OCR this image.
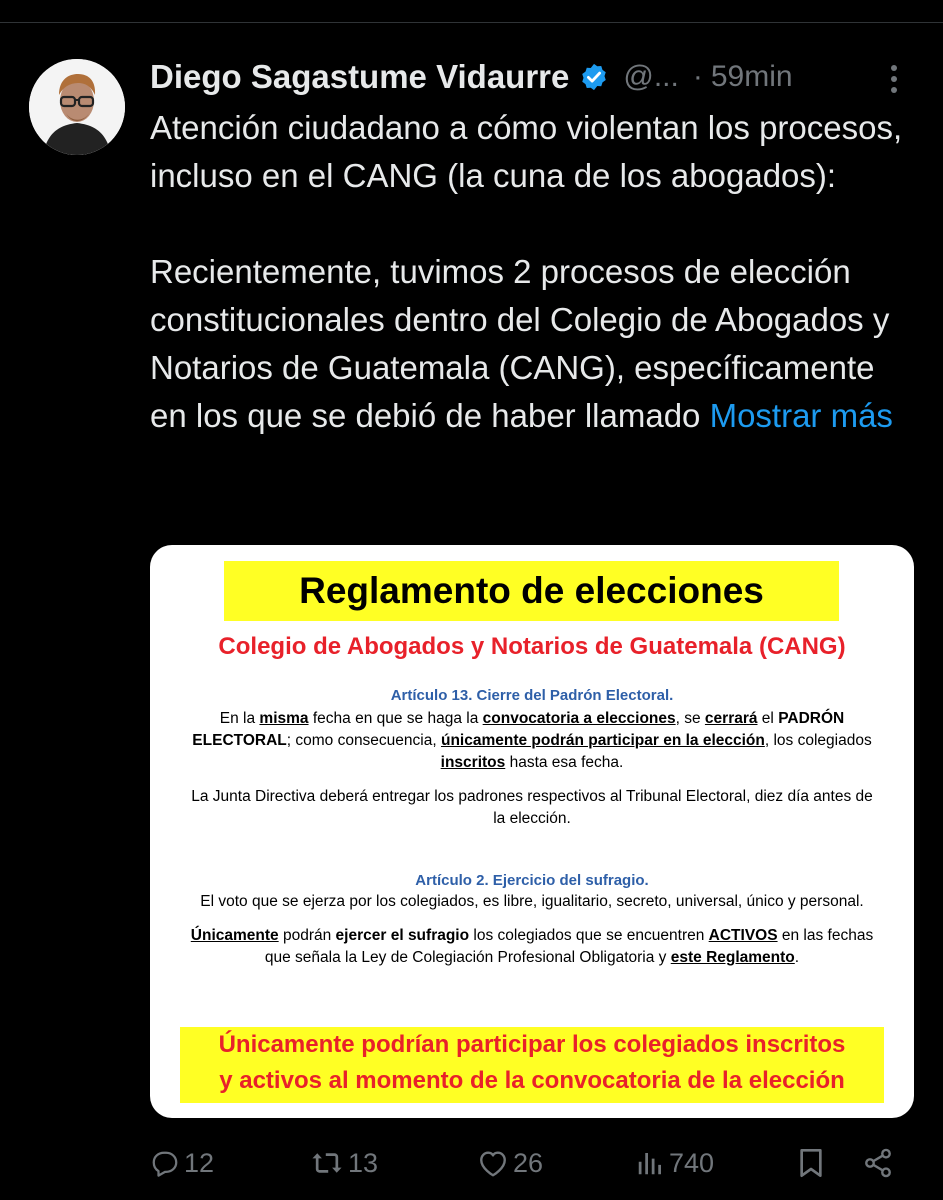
Diego Sagastume Vidaurre @... · 59min

Atención ciudadano a cómo violentan los procesos, incluso en el CANG (la cuna de los abogados):

Recientemente, tuvimos 2 procesos de elección constitucionales dentro del Colegio de Abogados y Notarios de Guatemala (CANG), específicamente en los que se debió de haber llamado Mostrar más

Reglamento de elecciones
Colegio de Abogados y Notarios de Guatemala (CANG)
Artículo 13. Cierre del Padrón Electoral.
En la misma fecha en que se haga la convocatoria a elecciones, se cerrará el PADRÓN ELECTORAL; como consecuencia, únicamente podrán participar en la elección, los colegiados inscritos hasta esa fecha.
La Junta Directiva deberá entregar los padrones respectivos al Tribunal Electoral, diez día antes de la elección.
Artículo 2. Ejercicio del sufragio.
El voto que se ejerza por los colegiados, es libre, igualitario, secreto, universal, único y personal.
Únicamente podrán ejercer el sufragio los colegiados que se encuentren ACTIVOS en las fechas que señala la Ley de Colegiación Profesional Obligatoria y este Reglamento.
Únicamente podrían participar los colegiados inscritos
y activos al momento de la convocatoria de la elección
12	13	26	740
